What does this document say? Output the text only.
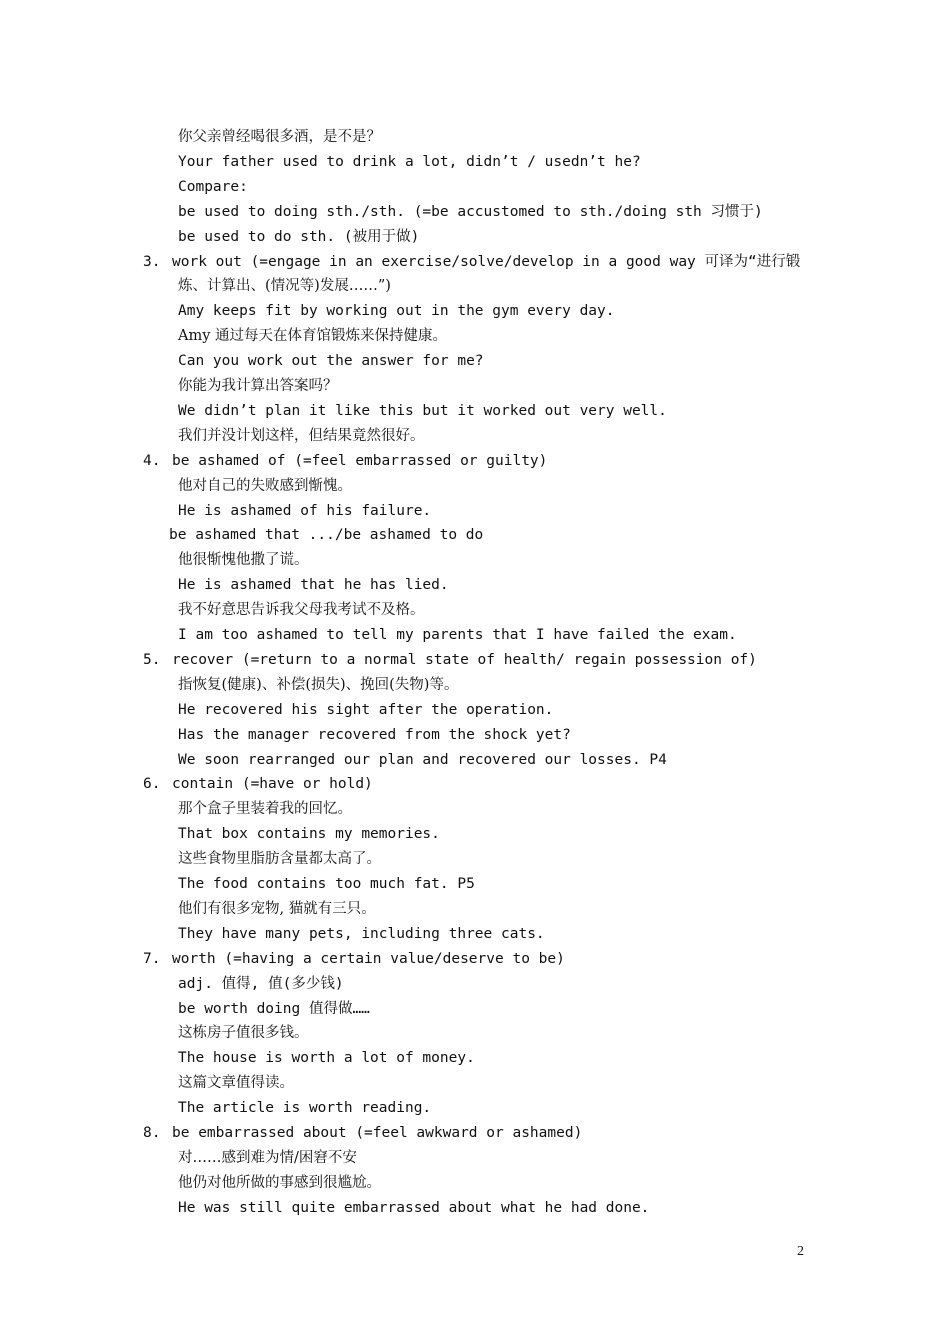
你父亲曾经喝很多酒，是不是？
Your father used to drink a lot, didn’t / usedn’t he?
Compare:
be used to doing sth./sth. (=be accustomed to sth./doing sth 习惯于)
be used to do sth. (被用于做)
3. work out (=engage in an exercise/solve/develop in a good way 可译为“进行锻
炼、计算出、(情况等)发展……”)
Amy keeps fit by working out in the gym every day.
Amy 通过每天在体育馆锻炼来保持健康。
Can you work out the answer for me?
你能为我计算出答案吗？
We didn’t plan it like this but it worked out very well.
我们并没计划这样，但结果竟然很好。
4. be ashamed of (=feel embarrassed or guilty)
他对自己的失败感到惭愧。
He is ashamed of his failure.
be ashamed that .../be ashamed to do
他很惭愧他撒了谎。
He is ashamed that he has lied.
我不好意思告诉我父母我考试不及格。
I am too ashamed to tell my parents that I have failed the exam.
5. recover (=return to a normal state of health/ regain possession of)
指恢复(健康)、补偿(损失)、挽回(失物)等。
He recovered his sight after the operation.
Has the manager recovered from the shock yet?
We soon rearranged our plan and recovered our losses. P4
6. contain (=have or hold)
那个盒子里装着我的回忆。
That box contains my memories.
这些食物里脂肪含量都太高了。
The food contains too much fat. P5
他们有很多宠物, 猫就有三只。
They have many pets, including three cats.
7. worth (=having a certain value/deserve to be)
adj. 值得, 值(多少钱)
be worth doing 值得做……
这栋房子值很多钱。
The house is worth a lot of money.
这篇文章值得读。
The article is worth reading.
8. be embarrassed about (=feel awkward or ashamed)
对……感到难为情/困窘不安
他仍对他所做的事感到很尴尬。
He was still quite embarrassed about what he had done.
2
